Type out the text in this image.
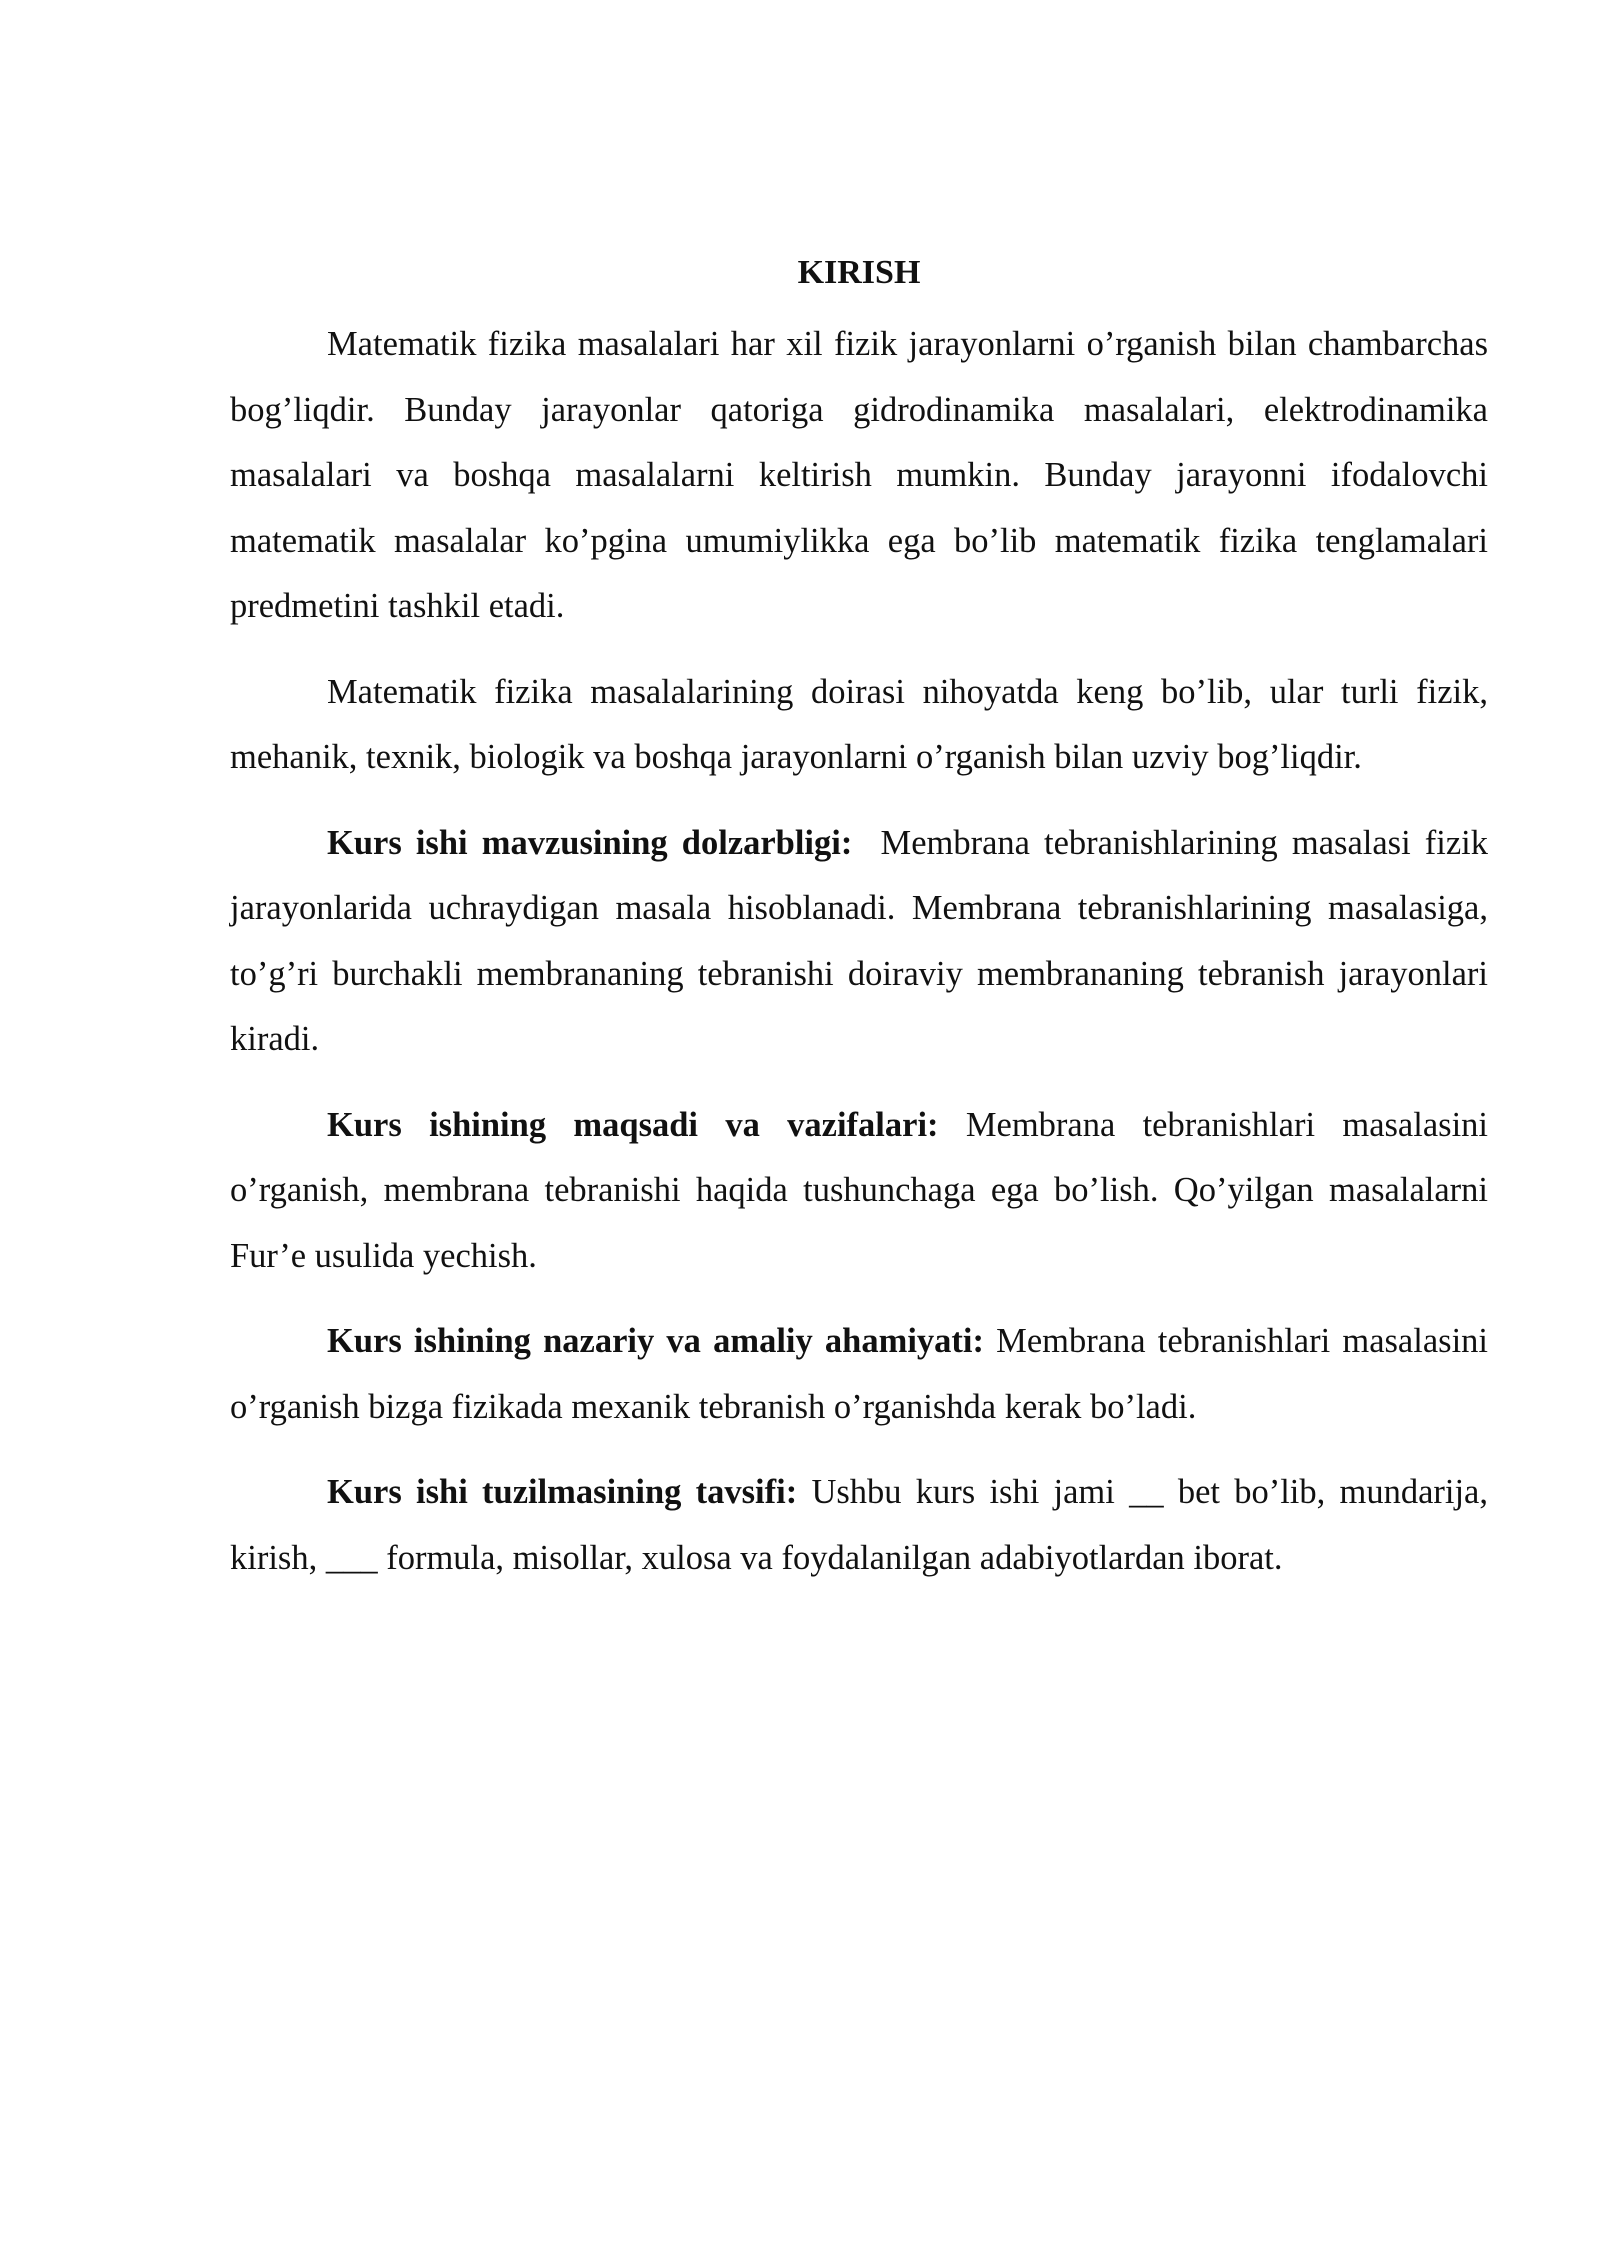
KIRISH

Matematik fizika masalalari har xil fizik jarayonlarni o’rganish bilan chambarchas bog’liqdir. Bunday jarayonlar qatoriga gidrodinamika masalalari, elektrodinamika masalalari va boshqa masalalarni keltirish mumkin. Bunday jarayonni ifodalovchi matematik masalalar ko’pgina umumiylikka ega bo’lib matematik fizika tenglamalari predmetini tashkil etadi.

Matematik fizika masalalarining doirasi nihoyatda keng bo’lib, ular turli fizik, mehanik, texnik, biologik va boshqa jarayonlarni o’rganish bilan uzviy bog’liqdir.

Kurs ishi mavzusining dolzarbligi: Membrana tebranishlarining masalasi fizik jarayonlarida uchraydigan masala hisoblanadi. Membrana tebranishlarining masalasiga, to’g’ri burchakli membrananing tebranishi doiraviy membrananing tebranish jarayonlari kiradi.

Kurs ishining maqsadi va vazifalari: Membrana tebranishlari masalasini o’rganish, membrana tebranishi haqida tushunchaga ega bo’lish. Qo’yilgan masalalarni Fur’e usulida yechish.

Kurs ishining nazariy va amaliy ahamiyati: Membrana tebranishlari masalasini o’rganish bizga fizikada mexanik tebranish o’rganishda kerak bo’ladi.

Kurs ishi tuzilmasining tavsifi: Ushbu kurs ishi jami __ bet bo’lib, mundarija, kirish, ___ formula, misollar, xulosa va foydalanilgan adabiyotlardan iborat.
